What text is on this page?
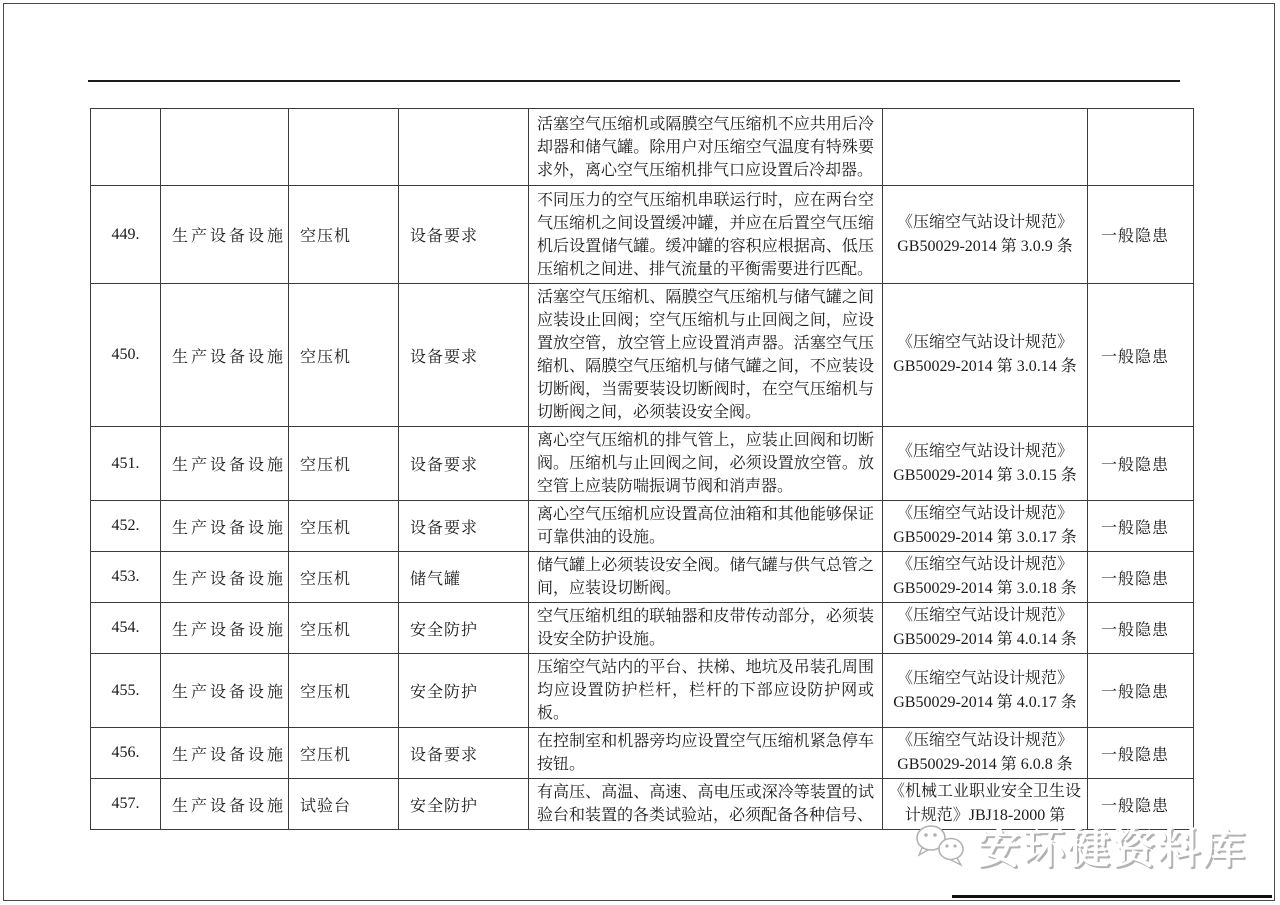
				活塞空气压缩机或隔膜空气压缩机不应共用后冷却器和储气罐。除用户对压缩空气温度有特殊要求外，离心空气压缩机排气口应设置后冷却器。		
449.	生产设备设施	空压机	设备要求	不同压力的空气压缩机串联运行时，应在两台空气压缩机之间设置缓冲罐，并应在后置空气压缩机后设置储气罐。缓冲罐的容积应根据高、低压压缩机之间进、排气流量的平衡需要进行匹配。	《压缩空气站设计规范》GB50029-2014 第 3.0.9 条	一般隐患
450.	生产设备设施	空压机	设备要求	活塞空气压缩机、隔膜空气压缩机与储气罐之间应装设止回阀；空气压缩机与止回阀之间，应设置放空管，放空管上应设置消声器。活塞空气压缩机、隔膜空气压缩机与储气罐之间，不应装设切断阀，当需要装设切断阀时，在空气压缩机与切断阀之间，必须装设安全阀。	《压缩空气站设计规范》GB50029-2014 第 3.0.14 条	一般隐患
451.	生产设备设施	空压机	设备要求	离心空气压缩机的排气管上，应装止回阀和切断阀。压缩机与止回阀之间，必须设置放空管。放空管上应装防喘振调节阀和消声器。	《压缩空气站设计规范》GB50029-2014 第 3.0.15 条	一般隐患
452.	生产设备设施	空压机	设备要求	离心空气压缩机应设置高位油箱和其他能够保证可靠供油的设施。	《压缩空气站设计规范》GB50029-2014 第 3.0.17 条	一般隐患
453.	生产设备设施	空压机	储气罐	储气罐上必须装设安全阀。储气罐与供气总管之间，应装设切断阀。	《压缩空气站设计规范》GB50029-2014 第 3.0.18 条	一般隐患
454.	生产设备设施	空压机	安全防护	空气压缩机组的联轴器和皮带传动部分，必须装设安全防护设施。	《压缩空气站设计规范》GB50029-2014 第 4.0.14 条	一般隐患
455.	生产设备设施	空压机	安全防护	压缩空气站内的平台、扶梯、地坑及吊装孔周围均应设置防护栏杆，栏杆的下部应设防护网或板。	《压缩空气站设计规范》GB50029-2014 第 4.0.17 条	一般隐患
456.	生产设备设施	空压机	设备要求	在控制室和机器旁均应设置空气压缩机紧急停车按钮。	《压缩空气站设计规范》GB50029-2014 第 6.0.8 条	一般隐患
457.	生产设备设施	试验台	安全防护	有高压、高温、高速、高电压或深冷等装置的试验台和装置的各类试验站，必须配备各种信号、	《机械工业职业安全卫生设计规范》JBJ18-2000 第	一般隐患
安环健资料库
